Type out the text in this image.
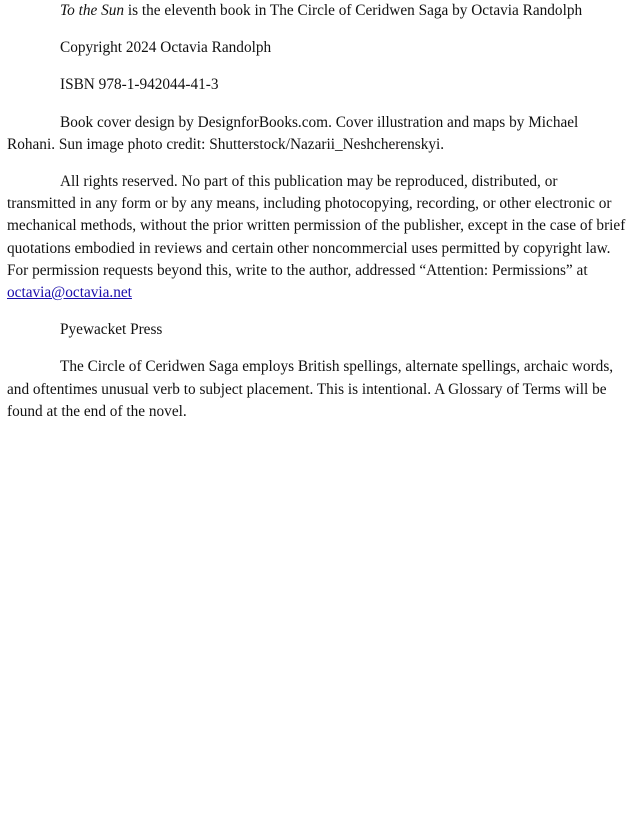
To the Sun is the eleventh book in The Circle of Ceridwen Saga by Octavia Randolph

Copyright 2024 Octavia Randolph

ISBN 978-1-942044-41-3

Book cover design by DesignforBooks.com. Cover illustration and maps by Michael Rohani. Sun image photo credit: Shutterstock/Nazarii_Neshcherenskyi.

All rights reserved. No part of this publication may be reproduced, distributed, or transmitted in any form or by any means, including photocopying, recording, or other electronic or mechanical methods, without the prior written permission of the publisher, except in the case of brief quotations embodied in reviews and certain other noncommercial uses permitted by copyright law. For permission requests beyond this, write to the author, addressed “Attention: Permissions” at octavia@octavia.net

Pyewacket Press

The Circle of Ceridwen Saga employs British spellings, alternate spellings, archaic words, and oftentimes unusual verb to subject placement. This is intentional. A Glossary of Terms will be found at the end of the novel.
